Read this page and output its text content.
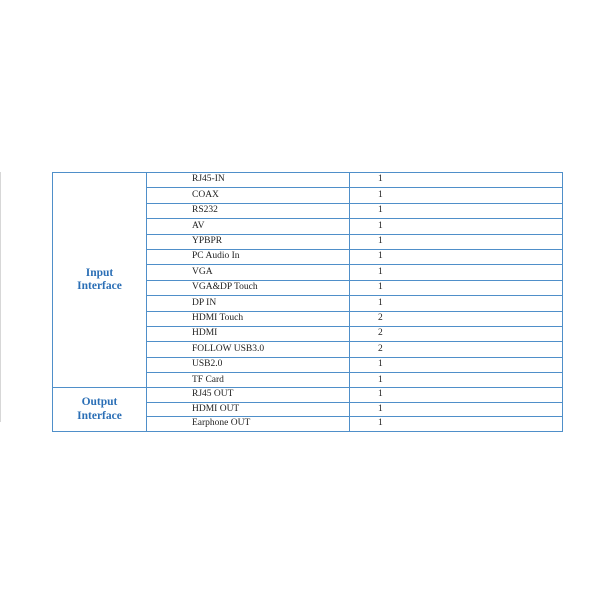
Input
Interface	RJ45-IN	1
	COAX	1
	RS232	1
	AV	1
	YPBPR	1
	PC Audio In	1
	VGA	1
	VGA&DP Touch	1
	DP IN	1
	HDMI Touch	2
	HDMI	2
	FOLLOW USB3.0	2
	USB2.0	1
	TF Card	1

Output
Interface	RJ45 OUT	1
	HDMI OUT	1
	Earphone OUT	1
